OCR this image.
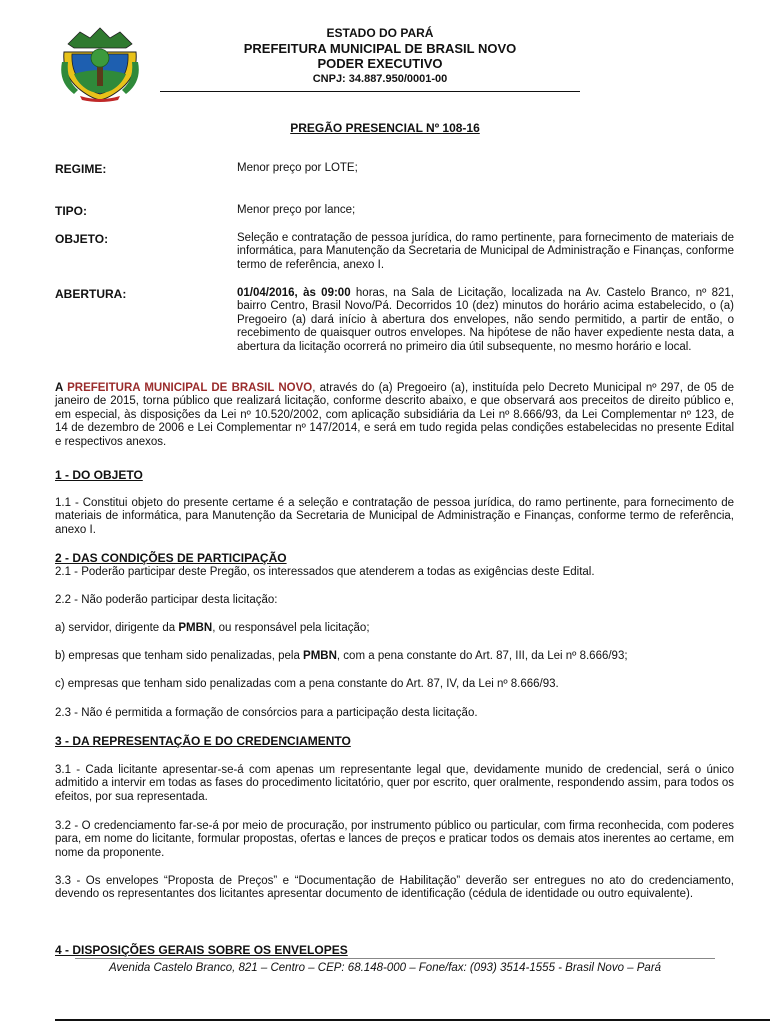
ESTADO DO PARÁ
PREFEITURA MUNICIPAL DE BRASIL NOVO
PODER EXECUTIVO
CNPJ: 34.887.950/0001-00
PREGÃO PRESENCIAL Nº 108-16
REGIME:	Menor preço por LOTE;
TIPO:	Menor preço por lance;
OBJETO:	Seleção e contratação de pessoa jurídica, do ramo pertinente, para fornecimento de materiais de informática, para Manutenção da Secretaria de Municipal de Administração e Finanças, conforme termo de referência, anexo I.
ABERTURA:	01/04/2016, às 09:00 horas, na Sala de Licitação, localizada na Av. Castelo Branco, nº 821, bairro Centro, Brasil Novo/Pá. Decorridos 10 (dez) minutos do horário acima estabelecido, o (a) Pregoeiro (a) dará início à abertura dos envelopes, não sendo permitido, a partir de então, o recebimento de quaisquer outros envelopes. Na hipótese de não haver expediente nesta data, a abertura da licitação ocorrerá no primeiro dia útil subsequente, no mesmo horário e local.

A PREFEITURA MUNICIPAL DE BRASIL NOVO, através do (a) Pregoeiro (a), instituída pelo Decreto Municipal nº 297, de 05 de janeiro de 2015, torna público que realizará licitação, conforme descrito abaixo, e que observará aos preceitos de direito público e, em especial, às disposições da Lei nº 10.520/2002, com aplicação subsidiária da Lei nº 8.666/93, da Lei Complementar nº 123, de 14 de dezembro de 2006 e Lei Complementar nº 147/2014, e será em tudo regida pelas condições estabelecidas no presente Edital e respectivos anexos.

1 - DO OBJETO

1.1 - Constitui objeto do presente certame é a seleção e contratação de pessoa jurídica, do ramo pertinente, para fornecimento de materiais de informática, para Manutenção da Secretaria de Municipal de Administração e Finanças, conforme termo de referência, anexo I.

2 - DAS CONDIÇÕES DE PARTICIPAÇÃO

2.1 - Poderão participar deste Pregão, os interessados que atenderem a todas as exigências deste Edital.

2.2 - Não poderão participar desta licitação:

a) servidor, dirigente da PMBN, ou responsável pela licitação;

b) empresas que tenham sido penalizadas, pela PMBN, com a pena constante do Art. 87, III, da Lei nº 8.666/93;

c) empresas que tenham sido penalizadas com a pena constante do Art. 87, IV, da Lei nº 8.666/93.

2.3 - Não é permitida a formação de consórcios para a participação desta licitação.

3 - DA REPRESENTAÇÃO E DO CREDENCIAMENTO

3.1 - Cada licitante apresentar-se-á com apenas um representante legal que, devidamente munido de credencial, será o único admitido a intervir em todas as fases do procedimento licitatório, quer por escrito, quer oralmente, respondendo assim, para todos os efeitos, por sua representada.

3.2 - O credenciamento far-se-á por meio de procuração, por instrumento público ou particular, com firma reconhecida, com poderes para, em nome do licitante, formular propostas, ofertas e lances de preços e praticar todos os demais atos inerentes ao certame, em nome da proponente.

3.3 - Os envelopes “Proposta de Preços” e “Documentação de Habilitação” deverão ser entregues no ato do credenciamento, devendo os representantes dos licitantes apresentar documento de identificação (cédula de identidade ou outro equivalente).

4 - DISPOSIÇÕES GERAIS SOBRE OS ENVELOPES
Avenida Castelo Branco, 821 – Centro – CEP: 68.148-000 – Fone/fax: (093) 3514-1555 - Brasil Novo – Pará
